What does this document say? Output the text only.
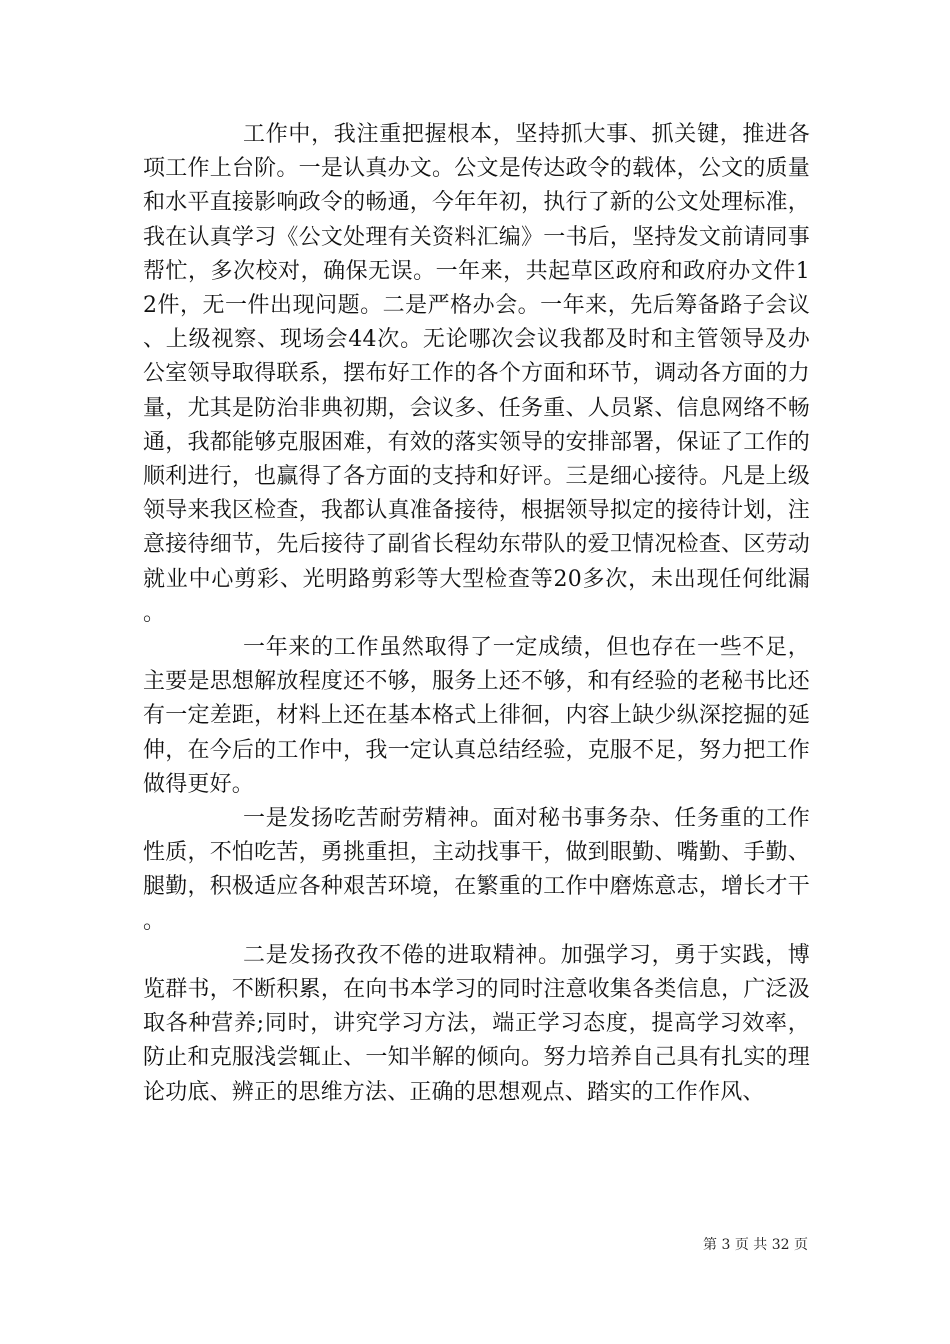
工作中，我注重把握根本，坚持抓大事、抓关键，推进各项工作上台阶。一是认真办文。公文是传达政令的载体，公文的质量和水平直接影响政令的畅通，今年年初，执行了新的公文处理标准，我在认真学习《公文处理有关资料汇编》一书后，坚持发文前请同事帮忙，多次校对，确保无误。一年来，共起草区政府和政府办文件12件，无一件出现问题。二是严格办会。一年来，先后筹备路子会议、上级视察、现场会44次。无论哪次会议我都及时和主管领导及办公室领导取得联系，摆布好工作的各个方面和环节，调动各方面的力量，尤其是防治非典初期，会议多、任务重、人员紧、信息网络不畅通，我都能够克服困难，有效的落实领导的安排部署，保证了工作的顺利进行，也赢得了各方面的支持和好评。三是细心接待。凡是上级领导来我区检查，我都认真准备接待，根据领导拟定的接待计划，注意接待细节，先后接待了副省长程幼东带队的爱卫情况检查、区劳动就业中心剪彩、光明路剪彩等大型检查等20多次，未出现任何纰漏。

一年来的工作虽然取得了一定成绩，但也存在一些不足，主要是思想解放程度还不够，服务上还不够，和有经验的老秘书比还有一定差距，材料上还在基本格式上徘徊，内容上缺少纵深挖掘的延伸，在今后的工作中，我一定认真总结经验，克服不足，努力把工作做得更好。

一是发扬吃苦耐劳精神。面对秘书事务杂、任务重的工作性质，不怕吃苦，勇挑重担，主动找事干，做到眼勤、嘴勤、手勤、腿勤，积极适应各种艰苦环境，在繁重的工作中磨炼意志，增长才干。

二是发扬孜孜不倦的进取精神。加强学习，勇于实践，博览群书，不断积累，在向书本学习的同时注意收集各类信息，广泛汲取各种营养;同时，讲究学习方法，端正学习态度，提高学习效率，防止和克服浅尝辄止、一知半解的倾向。努力培养自己具有扎实的理论功底、辨正的思维方法、正确的思想观点、踏实的工作作风、

第 3 页 共 32 页
